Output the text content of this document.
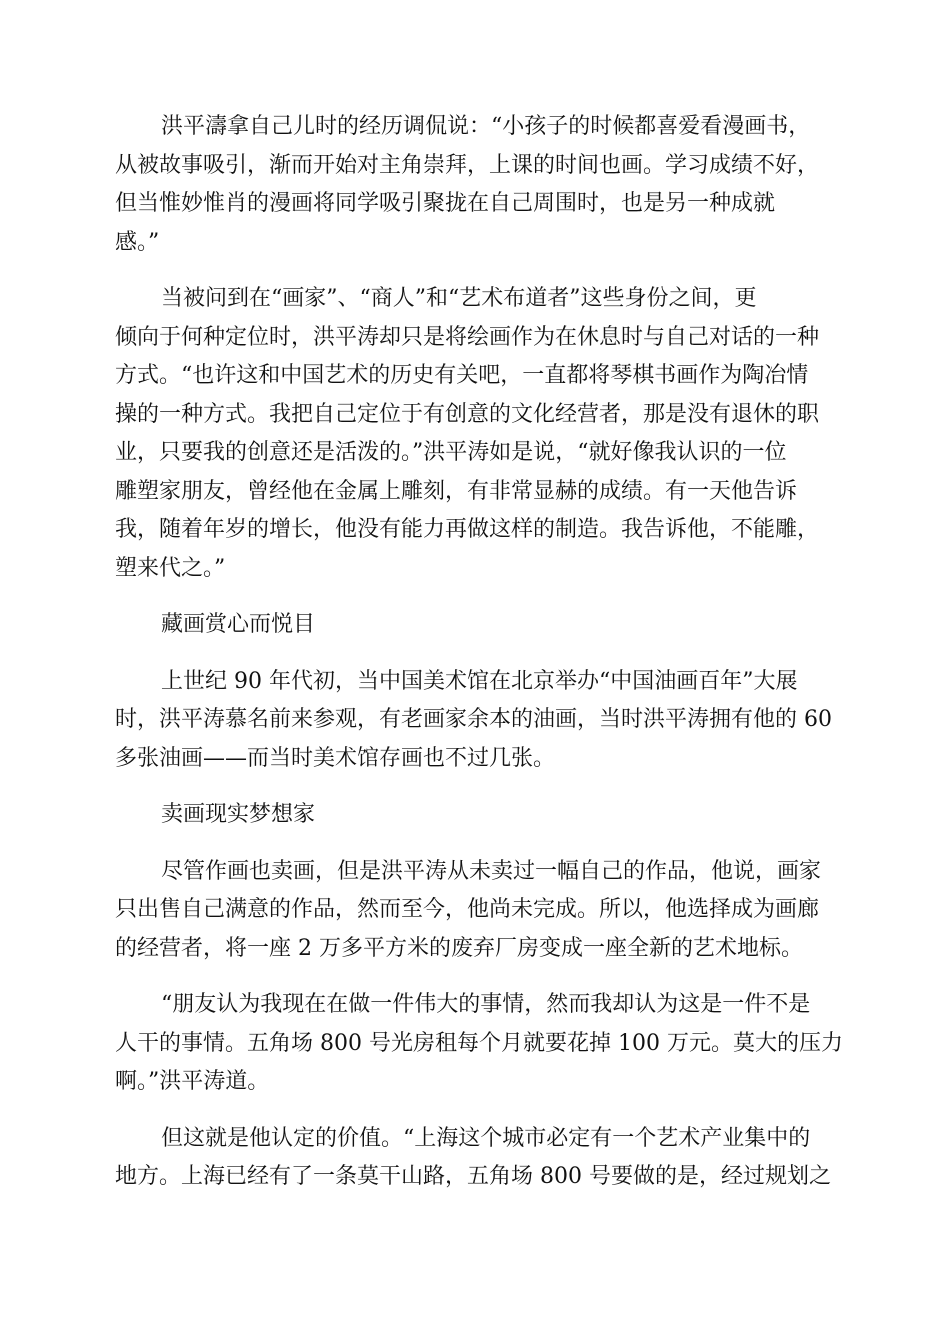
洪平濤拿自己儿时的经历调侃说：“小孩子的时候都喜爱看漫画书，
从被故事吸引，渐而开始对主角崇拜，上课的时间也画。学习成绩不好，
但当惟妙惟肖的漫画将同学吸引聚拢在自己周围时，也是另一种成就
感。”

当被问到在“画家”、“商人”和“艺术布道者”这些身份之间，更
倾向于何种定位时，洪平涛却只是将绘画作为在休息时与自己对话的一种
方式。“也许这和中国艺术的历史有关吧，一直都将琴棋书画作为陶冶情
操的一种方式。我把自己定位于有创意的文化经营者，那是没有退休的职
业，只要我的创意还是活泼的。”洪平涛如是说，“就好像我认识的一位
雕塑家朋友，曾经他在金属上雕刻，有非常显赫的成绩。有一天他告诉
我，随着年岁的增长，他没有能力再做这样的制造。我告诉他，不能雕，
塑来代之。”

藏画赏心而悦目

上世纪 90 年代初，当中国美术馆在北京举办“中国油画百年”大展
时，洪平涛慕名前来参观，有老画家余本的油画，当时洪平涛拥有他的 60
多张油画——而当时美术馆存画也不过几张。

卖画现实梦想家

尽管作画也卖画，但是洪平涛从未卖过一幅自己的作品，他说，画家
只出售自己满意的作品，然而至今，他尚未完成。所以，他选择成为画廊
的经营者，将一座 2 万多平方米的废弃厂房变成一座全新的艺术地标。

“朋友认为我现在在做一件伟大的事情，然而我却认为这是一件不是
人干的事情。五角场 800 号光房租每个月就要花掉 100 万元。莫大的压力
啊。”洪平涛道。

但这就是他认定的价值。“上海这个城市必定有一个艺术产业集中的
地方。上海已经有了一条莫干山路，五角场 800 号要做的是，经过规划之
